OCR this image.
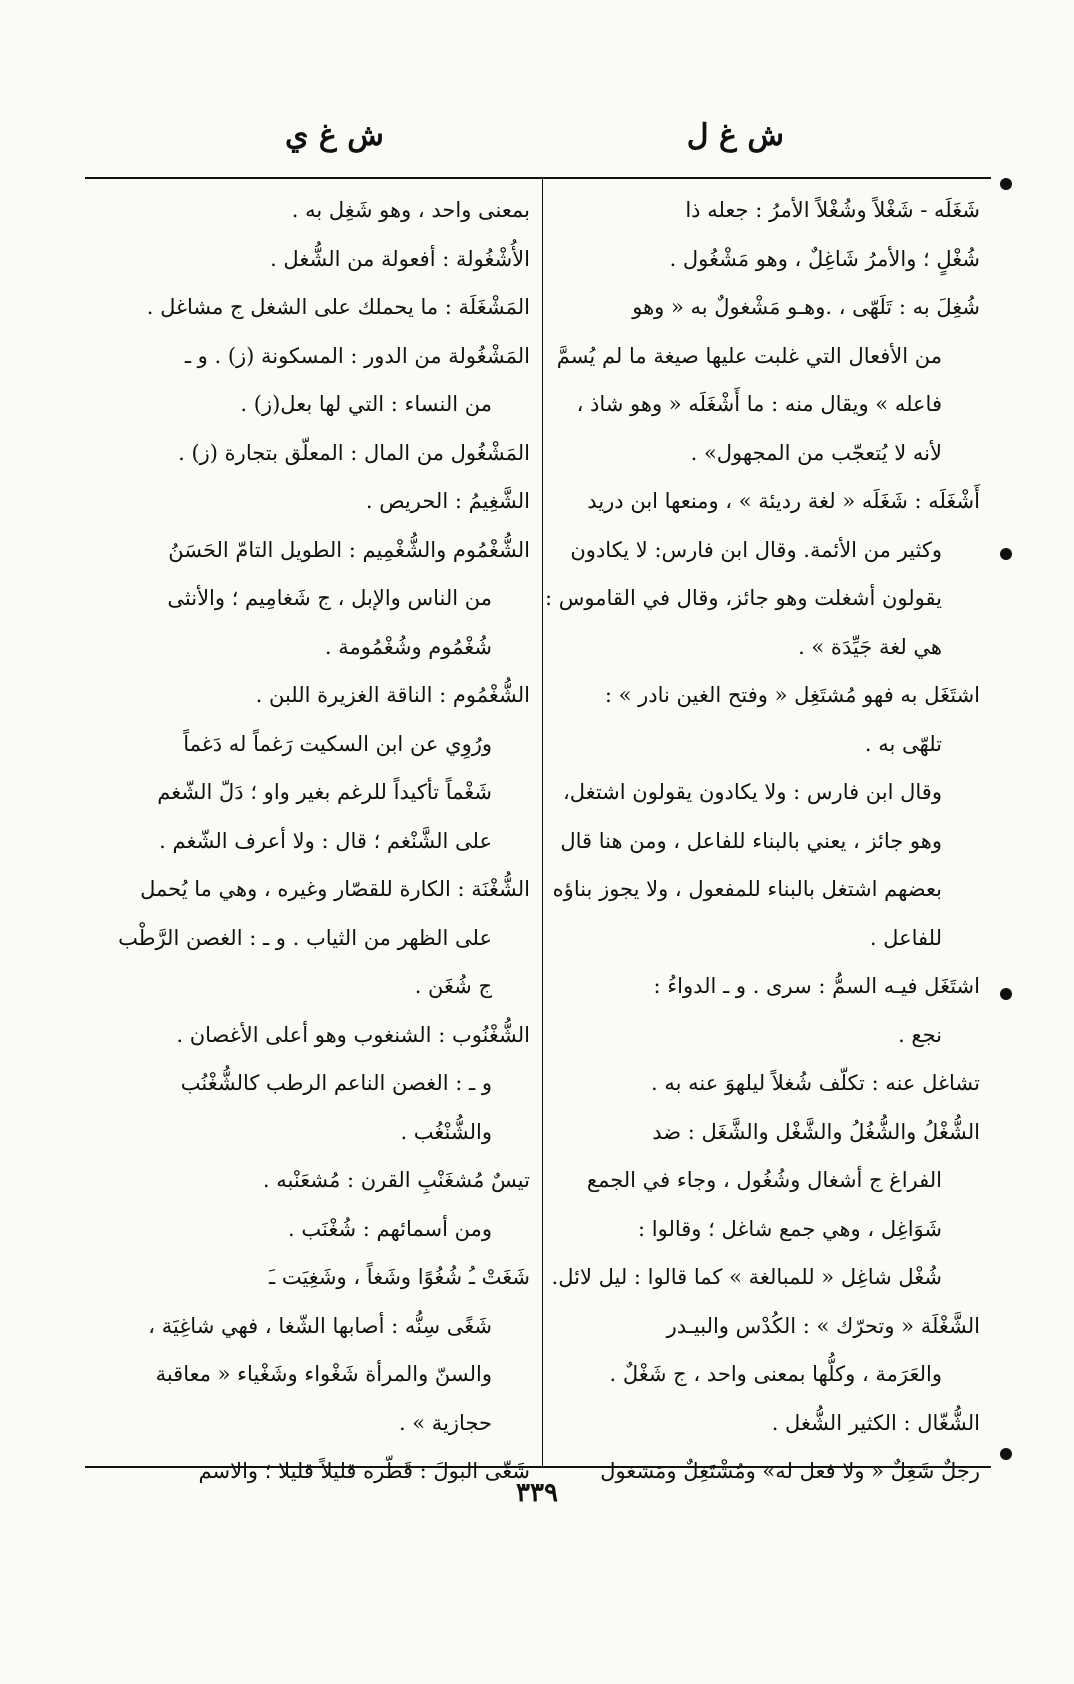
ش غ ل
ش غ ي
شَغَلَه - شَغْلاً وشُغْلاً الأمرُ : جعله ذا
شُغْلٍ ؛ والأمرُ شَاغِلٌ ، وهو مَشْغُول .
شُغِلَ به : تَلَهّى ، .وهـو مَشْغولٌ به « وهو
من الأفعال التي غلبت عليها صيغة ما لم يُسمَّ
فاعله » ويقال منه : ما أَشْغَلَه « وهو شاذ ،
لأنه لا يُتعجّب من المجهول» .
أَشْغَلَه : شَغَلَه « لغة رديئة » ، ومنعها ابن دريد
وكثير من الأئمة. وقال ابن فارس: لا يكادون
يقولون أشغلت وهو جائز، وقال في القاموس :
هي لغة جَيِّدَة » .
اشتَغَل به فهو مُشتَغِل « وفتح الغين نادر » :
تلهّى به .
وقال ابن فارس : ولا يكادون يقولون اشتغل،
وهو جائز ، يعني بالبناء للفاعل ، ومن هنا قال
بعضهم اشتغل بالبناء للمفعول ، ولا يجوز بناؤه
للفاعل .
اشتَغَل فيـه السمُّ : سرى . و ـ الدواءُ :
نجع .
تشاغل عنه : تكلّف شُغلاً ليلهوَ عنه به .
الشُّغْلُ والشُّغُلُ والشَّغْل والشَّغَل : ضد
الفراغ ج أشغال وشُغُول ، وجاء في الجمع
شَوَاغِل ، وهي جمع شاغل ؛ وقالوا :
شُغْل شاغِل « للمبالغة » كما قالوا : ليل لائل.
الشَّغْلَة « وتحرّك » : الكُدْس والبيـدر
والعَرَمة ، وكلُّها بمعنى واحد ، ج شَغْلٌ .
الشُّغّال : الكثير الشُّغل .
رجلٌ شَغِلٌ « ولا فعل له» ومُشْتَغِلٌ ومَشغول
بمعنى واحد ، وهو شَغِل به .
الأُشْغُولة : أفعولة من الشُّغل .
المَشْغَلَة : ما يحملك على الشغل ج مشاغل .
المَشْغُولة من الدور : المسكونة (ز) . و ـ
من النساء : التي لها بعل(ز) .
المَشْغُول من المال : المعلّق بتجارة (ز) .
الشَّغِيمُ : الحريص .
الشُّغْمُوم والشُّغْمِيم : الطويل التامّ الحَسَنُ
من الناس والإبل ، ج شَغامِيم ؛ والأنثى
شُغْمُوم وشُغْمُومة .
الشُّغْمُوم : الناقة الغزيرة اللبن .
ورُوِي عن ابن السكيت رَغماً له دَغماً
شَغْماً تأكيداً للرغم بغير واو ؛ دَلّ الشّغم
على الشَّنْغم ؛ قال : ولا أعرف الشّغم .
الشُّغْنَة : الكارة للقصّار وغيره ، وهي ما يُحمل
على الظهر من الثياب . و ـ : الغصن الرَّطْب
ج شُغَن .
الشُّغْنُوب : الشنغوب وهو أعلى الأغصان .
و ـ : الغصن الناعم الرطب كالشُّغْنُب
والشُّنْغُب .
تيسٌ مُشغَنْبِ القرن : مُشعَنْبه .
ومن أسمائهم : شُغْنَب .
شَغَتْ ـُ شُغُوًا وشَغاً ، وشَغِيَت ـَ
شَغًى سِنُّه : أصابها الشّغا ، فهي شاغِيَة ،
والسنّ والمرأة شَغْواء وشَغْياء « معاقبة
حجازية » .
شَغّى البولَ : قَطّره قليلاً قليلا ؛ والاسم
٣٣٩
